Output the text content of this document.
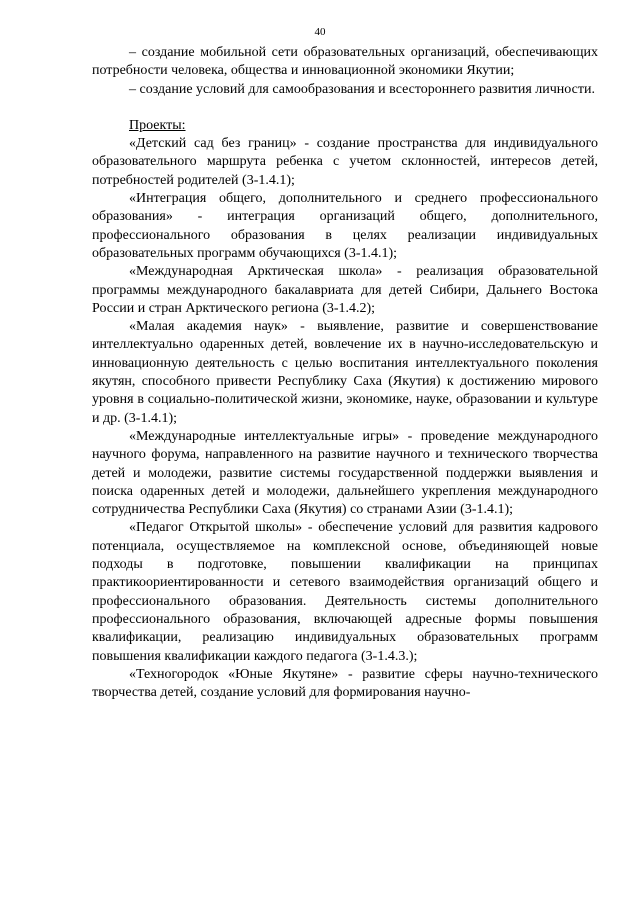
40

– создание мобильной сети образовательных организаций, обеспечивающих потребности человека, общества и инновационной экономики Якутии;

– создание условий для самообразования и всестороннего развития личности.

Проекты:

«Детский сад без границ» - создание пространства для индивидуального образовательного маршрута ребенка с учетом склонностей, интересов детей, потребностей родителей (3-1.4.1);

«Интеграция общего, дополнительного и среднего профессионального образования» - интеграция организаций общего, дополнительного, профессионального образования в целях реализации индивидуальных образовательных программ обучающихся (3-1.4.1);

«Международная Арктическая школа» - реализация образовательной программы международного бакалавриата для детей Сибири, Дальнего Востока России и стран Арктического региона (3-1.4.2);

«Малая академия наук» - выявление, развитие и совершенствование интеллектуально одаренных детей, вовлечение их в научно-исследовательскую и инновационную деятельность с целью воспитания интеллектуального поколения якутян, способного привести Республику Саха (Якутия) к достижению мирового уровня в социально-политической жизни, экономике, науке, образовании и культуре и др. (3-1.4.1);

«Международные интеллектуальные игры» - проведение международного научного форума, направленного на развитие научного и технического творчества детей и молодежи, развитие системы государственной поддержки выявления и поиска одаренных детей и молодежи, дальнейшего укрепления международного сотрудничества Республики Саха (Якутия) со странами Азии (3-1.4.1);

«Педагог Открытой школы» - обеспечение условий для развития кадрового потенциала, осуществляемое на комплексной основе, объединяющей новые подходы в подготовке, повышении квалификации на принципах практикоориентированности и сетевого взаимодействия организаций общего и профессионального образования. Деятельность системы дополнительного профессионального образования, включающей адресные формы повышения квалификации, реализацию индивидуальных образовательных программ повышения квалификации каждого педагога (3-1.4.3.);

«Техногородок «Юные Якутяне» - развитие сферы научно-технического творчества детей, создание условий для формирования научно-
